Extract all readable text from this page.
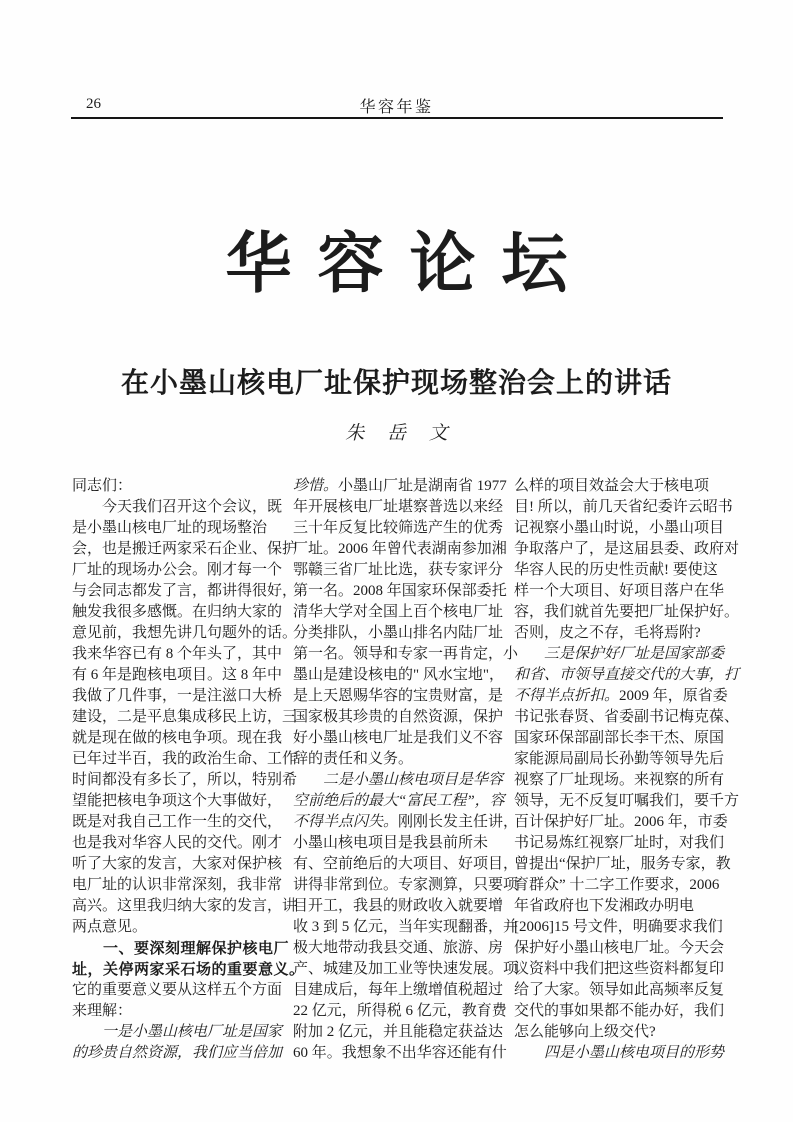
26	华容年鉴
华容论坛
在小墨山核电厂址保护现场整治会上的讲话
朱 岳 文
同志们：
　　今天我们召开这个会议，既
是小墨山核电厂址的现场整治
会，也是搬迁两家采石企业、保护
厂址的现场办公会。刚才每一个
与会同志都发了言，都讲得很好，
触发我很多感慨。在归纳大家的
意见前，我想先讲几句题外的话。
我来华容已有 8 个年头了，其中
有 6 年是跑核电项目。这 8 年中
我做了几件事，一是注滋口大桥
建设，二是平息集成移民上访，三
就是现在做的核电争项。现在我
已年过半百，我的政治生命、工作
时间都没有多长了，所以，特别希
望能把核电争项这个大事做好，
既是对我自己工作一生的交代，
也是我对华容人民的交代。刚才
听了大家的发言，大家对保护核
电厂址的认识非常深刻，我非常
高兴。这里我归纳大家的发言，讲
两点意见。
　　一、要深刻理解保护核电厂
址，关停两家采石场的重要意义。
它的重要意义要从这样五个方面
来理解：
　　一是小墨山核电厂址是国家
的珍贵自然资源，我们应当倍加
珍惜。小墨山厂址是湖南省 1977
年开展核电厂址堪察普选以来经
三十年反复比较筛选产生的优秀
厂址。2006 年曾代表湖南参加湘
鄂赣三省厂址比选，获专家评分
第一名。2008 年国家环保部委托
清华大学对全国上百个核电厂址
分类排队，小墨山排名内陆厂址
第一名。领导和专家一再肯定，小
墨山是建设核电的" 风水宝地"，
是上天恩赐华容的宝贵财富，是
国家极其珍贵的自然资源，保护
好小墨山核电厂址是我们义不容
辞的责任和义务。
　　二是小墨山核电项目是华容
空前绝后的最大“富民工程”，容
不得半点闪失。刚刚长发主任讲，
小墨山核电项目是我县前所未
有、空前绝后的大项目、好项目，
讲得非常到位。专家测算，只要项
目开工，我县的财政收入就要增
收 3 到 5 亿元，当年实现翻番，并
极大地带动我县交通、旅游、房
产、城建及加工业等快速发展。项
目建成后，每年上缴增值税超过
22 亿元，所得税 6 亿元，教育费
附加 2 亿元，并且能稳定获益达
60 年。我想象不出华容还能有什
么样的项目效益会大于核电项
目! 所以，前几天省纪委许云昭书
记视察小墨山时说，小墨山项目
争取落户了，是这届县委、政府对
华容人民的历史性贡献! 要使这
样一个大项目、好项目落户在华
容，我们就首先要把厂址保护好。
否则，皮之不存，毛将焉附?
　　三是保护好厂址是国家部委
和省、市领导直接交代的大事，打
不得半点折扣。2009 年，原省委
书记张春贤、省委副书记梅克葆、
国家环保部副部长李干杰、原国
家能源局副局长孙勤等领导先后
视察了厂址现场。来视察的所有
领导，无不反复叮嘱我们，要千方
百计保护好厂址。2006 年，市委
书记易炼红视察厂址时，对我们
曾提出“保护厂址，服务专家，教
育群众” 十二字工作要求，2006
年省政府也下发湘政办明电
[2006]15 号文件，明确要求我们
保护好小墨山核电厂址。今天会
议资料中我们把这些资料都复印
给了大家。领导如此高频率反复
交代的事如果都不能办好，我们
怎么能够向上级交代?
　　四是小墨山核电项目的形势
